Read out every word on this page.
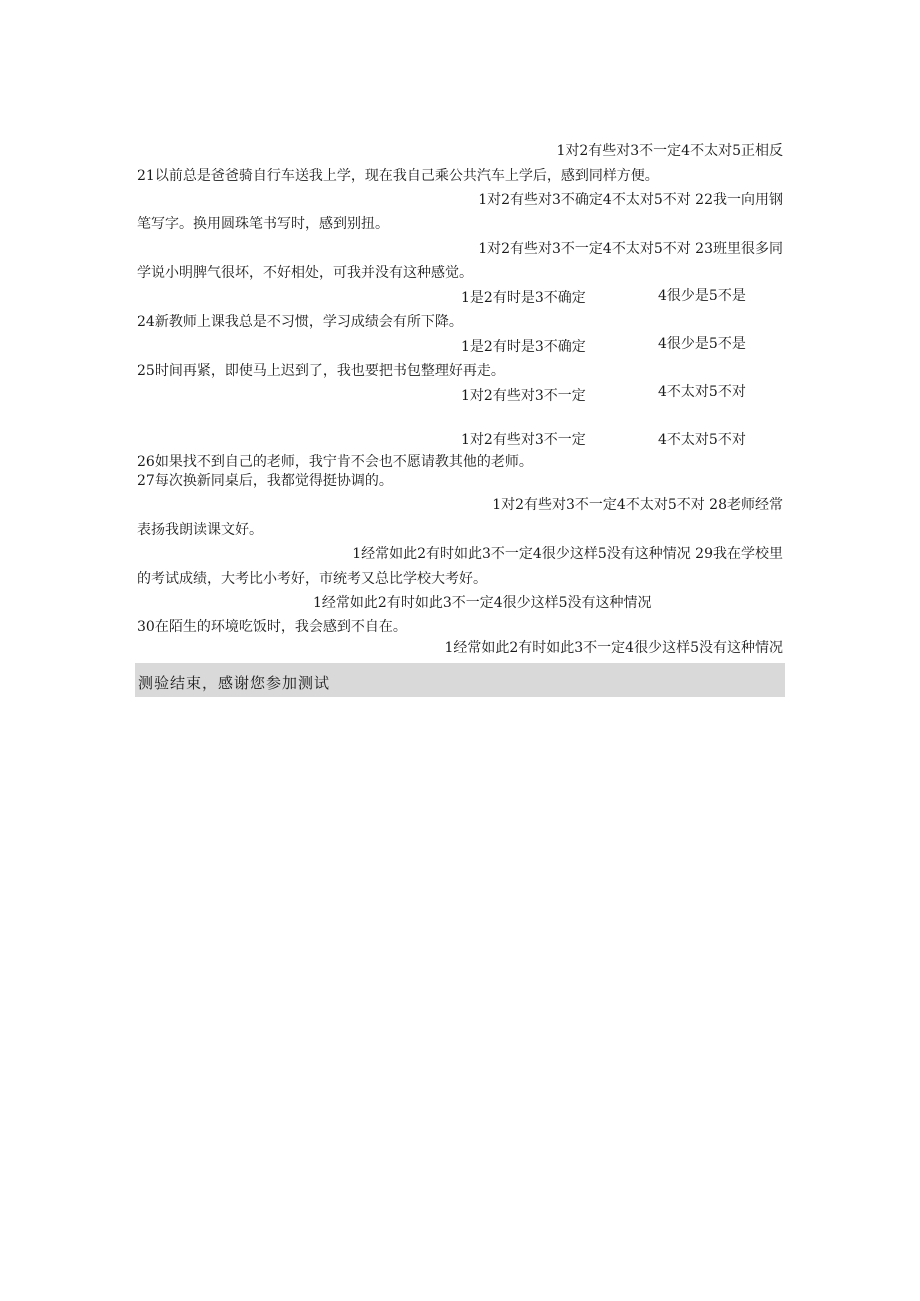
1对2有些对3不一定4不太对5正相反
21以前总是爸爸骑自行车送我上学，现在我自己乘公共汽车上学后，感到同样方便。
1对2有些对3不确定4不太对5不对 22我一向用钢
笔写字。换用圆珠笔书写时，感到别扭。
1对2有些对3不一定4不太对5不对 23班里很多同
学说小明脾气很坏，不好相处，可我并没有这种感觉。
1是2有时是3不确定	4很少是5不是
24新教师上课我总是不习惯，学习成绩会有所下降。
1是2有时是3不确定	4很少是5不是
25时间再紧，即使马上迟到了，我也要把书包整理好再走。
1对2有些对3不一定	4不太对5不对
1对2有些对3不一定	4不太对5不对
26如果找不到自己的老师，我宁肯不会也不愿请教其他的老师。
27每次换新同桌后，我都觉得挺协调的。
1对2有些对3不一定4不太对5不对 28老师经常
表扬我朗读课文好。
1经常如此2有时如此3不一定4很少这样5没有这种情况 29我在学校里
的考试成绩，大考比小考好，市统考又总比学校大考好。
1经常如此2有时如此3不一定4很少这样5没有这种情况
30在陌生的环境吃饭时，我会感到不自在。
1经常如此2有时如此3不一定4很少这样5没有这种情况
测验结束，感谢您参加测试
